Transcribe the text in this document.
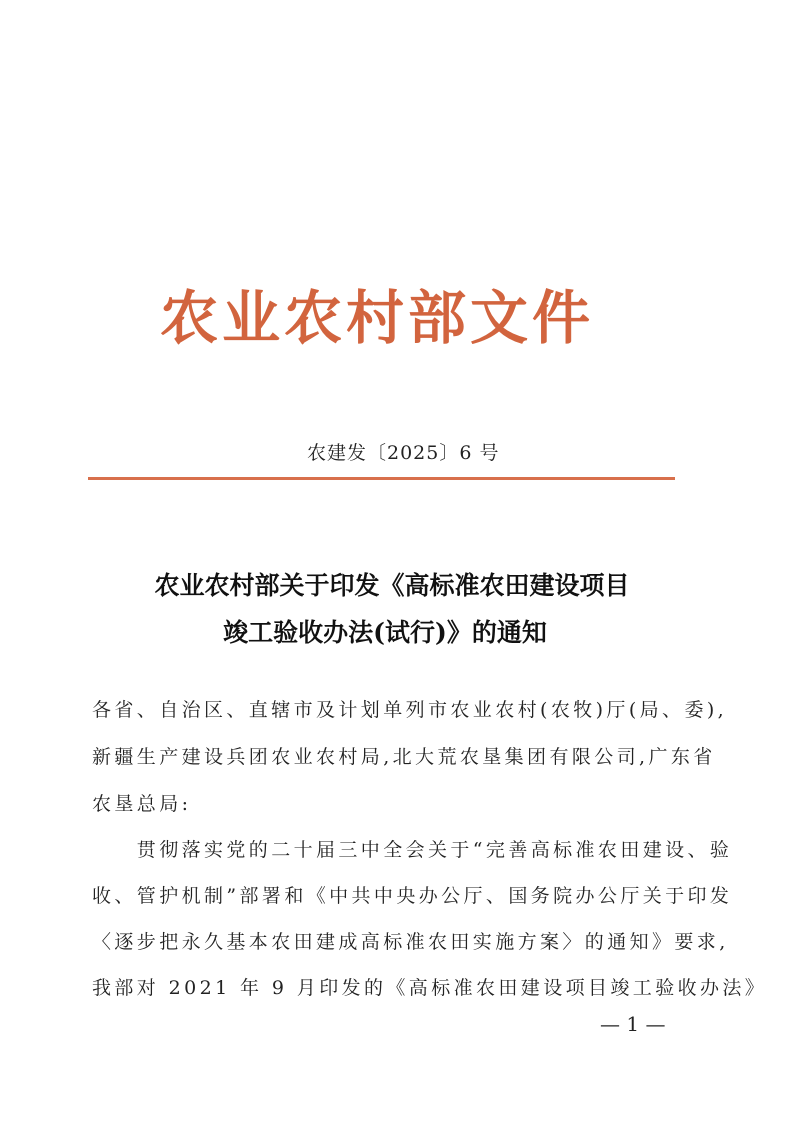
农业农村部文件
农建发〔2025〕6 号
农业农村部关于印发《高标准农田建设项目
竣工验收办法(试行)》的通知
各省、自治区、直辖市及计划单列市农业农村(农牧)厅(局、委),
新疆生产建设兵团农业农村局,北大荒农垦集团有限公司,广东省
农垦总局:
　　贯彻落实党的二十届三中全会关于“完善高标准农田建设、验
收、管护机制”部署和《中共中央办公厅、国务院办公厅关于印发
〈逐步把永久基本农田建成高标准农田实施方案〉的通知》要求,
我部对 2021 年 9 月印发的《高标准农田建设项目竣工验收办法》
— 1 —
